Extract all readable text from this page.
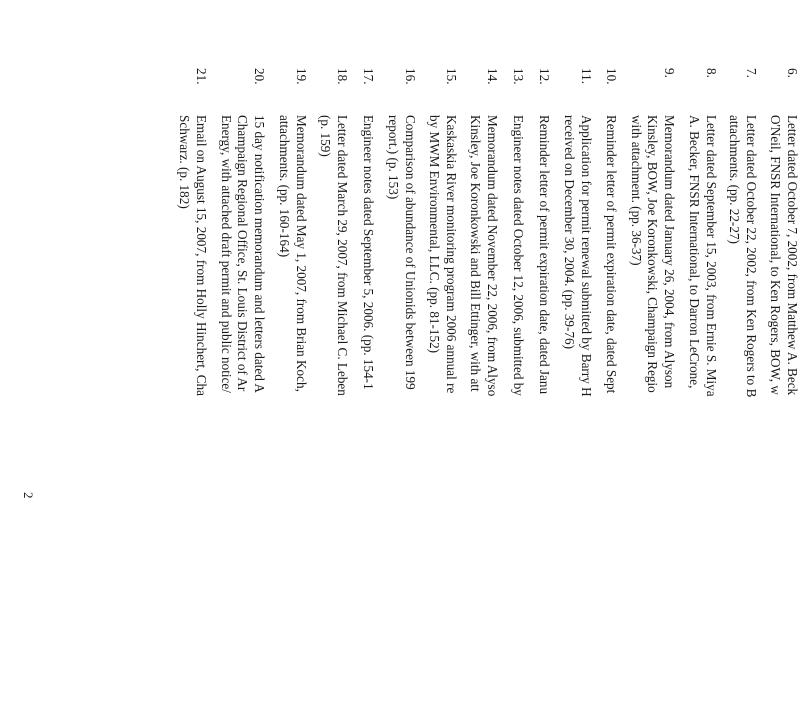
6.
Letter dated October 7, 2002, from Matthew A. Beck
O'Neil, FNSR International, to Ken Rogers, BOW, w
7.
Letter dated October 22, 2002, from Ken Rogers to B
attachments. (pp. 22-27)
8.
Letter dated September 15, 2003, from Ernie S. Miya
A. Becker, FNSR International, to Darron LeCrone,
9.
Memorandum dated January 26, 2004, from Alyson
Kinsley, BOW, Joe Koronkowski, Champaign Regio
with attachment. (pp. 36-37)
10.
Reminder letter of permit expiration date, dated Sept
11.
Application for permit renewal submitted by Barry H
received on December 30, 2004. (pp. 39-76)
12.
Reminder letter of permit expiration date, dated Janu
13.
Engineer notes dated October 12, 2006, submitted by
14.
Memorandum dated November 22, 2006, from Alyso
Kinsley, Joe Koronkowski and Bill Ettinger, with att
15.
Kaskaskia River monitoring program 2006 annual re
by MWM Environmental, LLC. (pp. 81-152)
16.
Comparison of abundance of Unionids between 199
report.) (p. 153)
17.
Engineer notes dated September 5, 2006. (pp. 154-1
18.
Letter dated March 29, 2007, from Michael C. Leben
(p. 159)
19.
Memorandum dated May 1, 2007, from Brian Koch,
attachments. (pp. 160-164)
20.
15 day notification memorandum and letters dated A
Champaign Regional Office, St. Louis District of Ar
Energy, with attached draft permit and public notice/
21.
Email on August 15, 2007, from Holly Hinchert, Cha
Schwarz. (p. 182)
2
